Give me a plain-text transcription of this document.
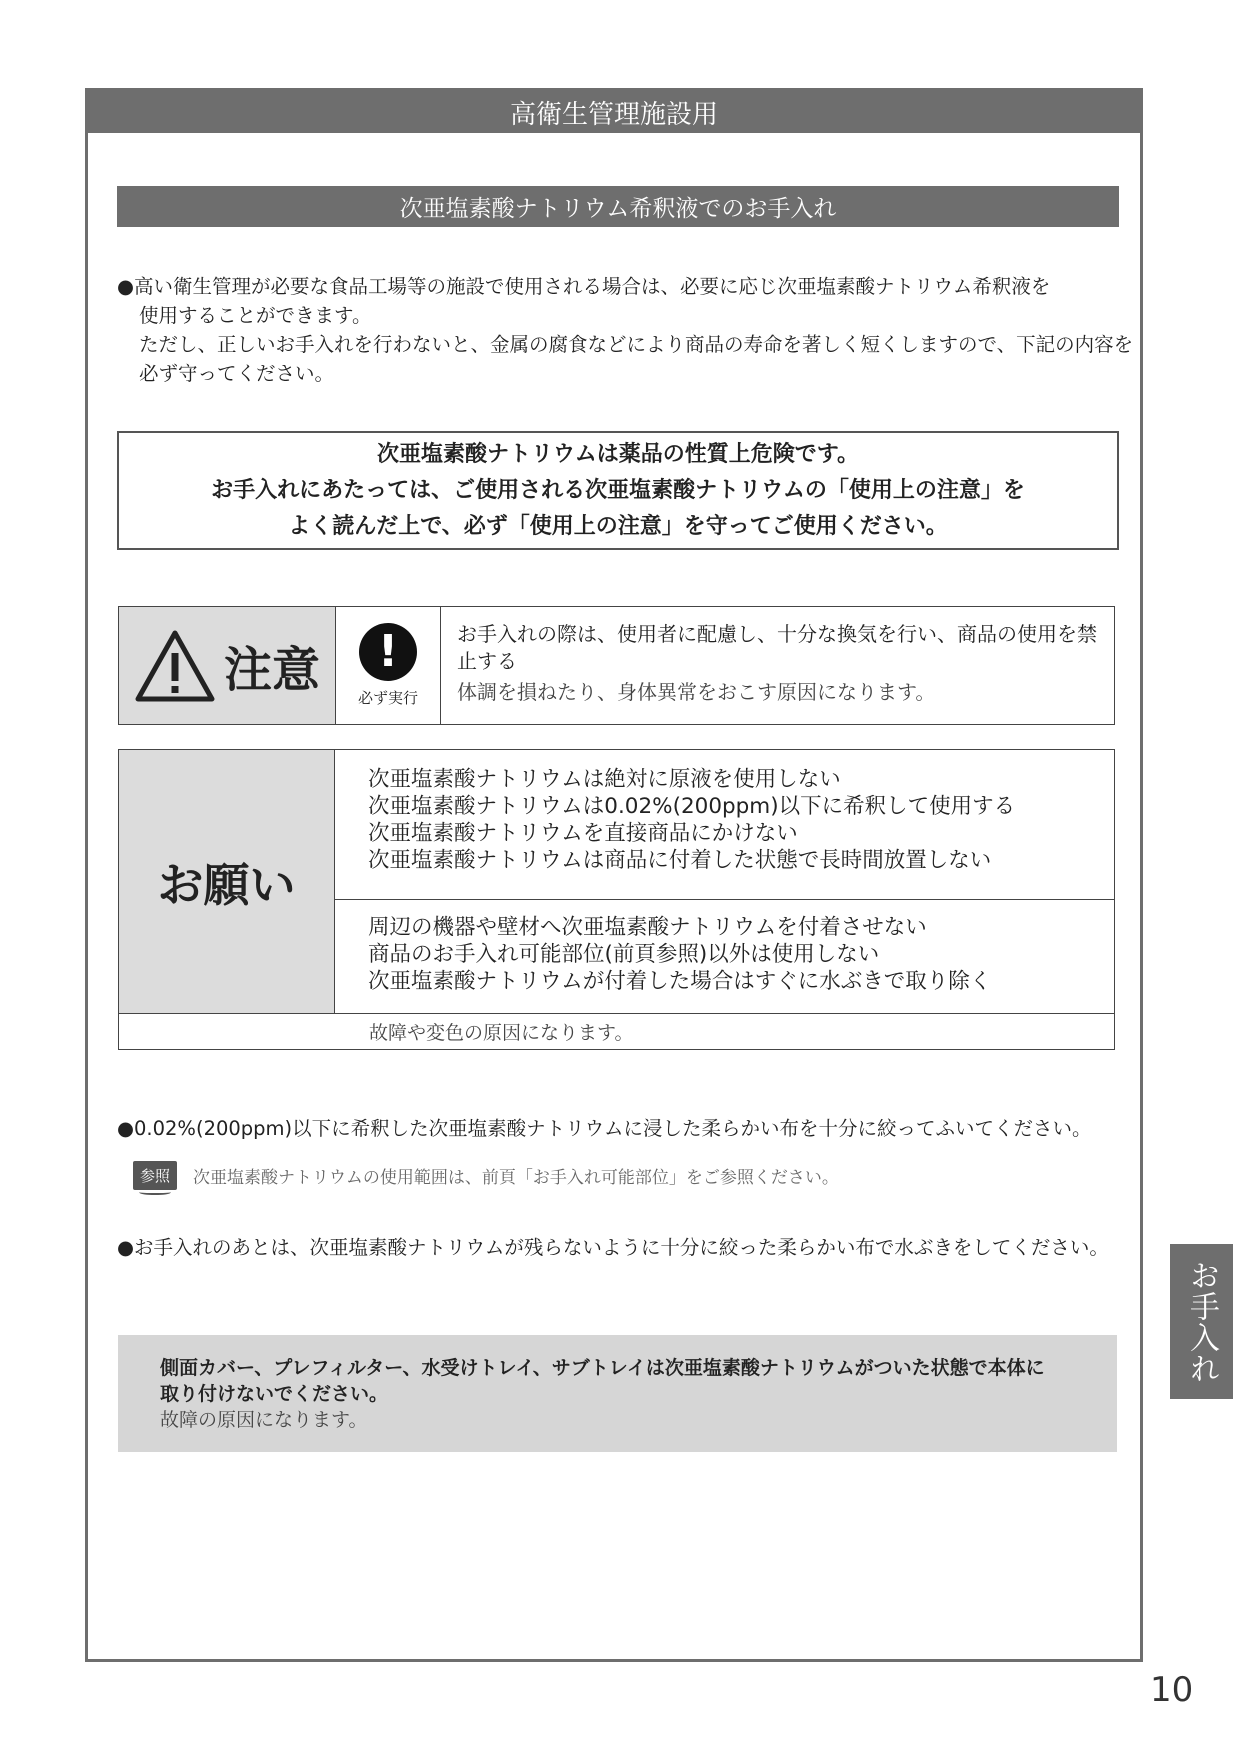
高衛生管理施設用
次亜塩素酸ナトリウム希釈液でのお手入れ
●高い衛生管理が必要な食品工場等の施設で使用される場合は、必要に応じ次亜塩素酸ナトリウム希釈液を
使用することができます。
ただし、正しいお手入れを行わないと、金属の腐食などにより商品の寿命を著しく短くしますので、下記の内容を
必ず守ってください。
次亜塩素酸ナトリウムは薬品の性質上危険です。
お手入れにあたっては、ご使用される次亜塩素酸ナトリウムの「使用上の注意」を
よく読んだ上で、必ず「使用上の注意」を守ってご使用ください。
注意	!
必ず実行
お手入れの際は、使用者に配慮し、十分な換気を行い、商品の使用を禁止する
体調を損ねたり、身体異常をおこす原因になります。
お願い
次亜塩素酸ナトリウムは絶対に原液を使用しない
次亜塩素酸ナトリウムは0.02%(200ppm)以下に希釈して使用する
次亜塩素酸ナトリウムを直接商品にかけない
次亜塩素酸ナトリウムは商品に付着した状態で長時間放置しない
周辺の機器や壁材へ次亜塩素酸ナトリウムを付着させない
商品のお手入れ可能部位(前頁参照)以外は使用しない
次亜塩素酸ナトリウムが付着した場合はすぐに水ぶきで取り除く
故障や変色の原因になります。
●0.02%(200ppm)以下に希釈した次亜塩素酸ナトリウムに浸した柔らかい布を十分に絞ってふいてください。
参照	次亜塩素酸ナトリウムの使用範囲は、前頁「お手入れ可能部位」をご参照ください。
●お手入れのあとは、次亜塩素酸ナトリウムが残らないように十分に絞った柔らかい布で水ぶきをしてください。
側面カバー、プレフィルター、水受けトレイ、サブトレイは次亜塩素酸ナトリウムがついた状態で本体に
取り付けないでください。
故障の原因になります。
お手入れ
10
